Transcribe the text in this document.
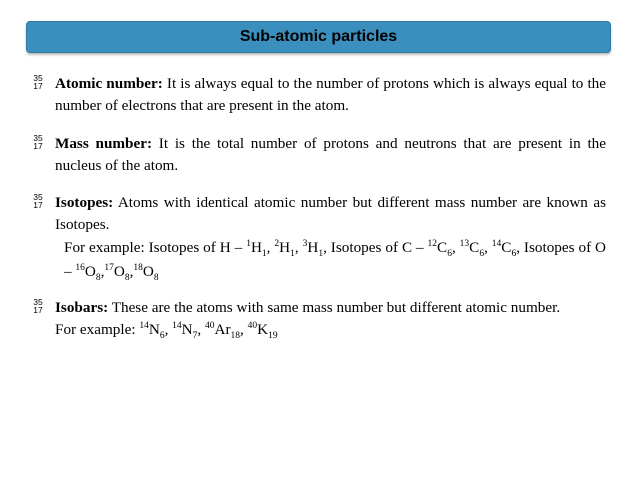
Sub-atomic particles
35
17 Atomic number: It is always equal to the number of protons which is always equal to the number of electrons that are present in the atom.
35
17 Mass number: It is the total number of protons and neutrons that are present in the nucleus of the atom.
35
17 Isotopes: Atoms with identical atomic number but different mass number are known as Isotopes.
For example: Isotopes of H – $^1H_1$, $^2H_1$, $^3H_1$, Isotopes of C – $^{12}C_6$, $^{13}C_6$, $^{14}C_6$, Isotopes of O – $^{16}O_8,^{17}O_8,^{18}O_8$
35
17 Isobars: These are the atoms with same mass number but different atomic number.
For example: $^{14}N_6$, $^{14}N_7$, $^{40}Ar_{18}$, $^{40}K_{19}$
